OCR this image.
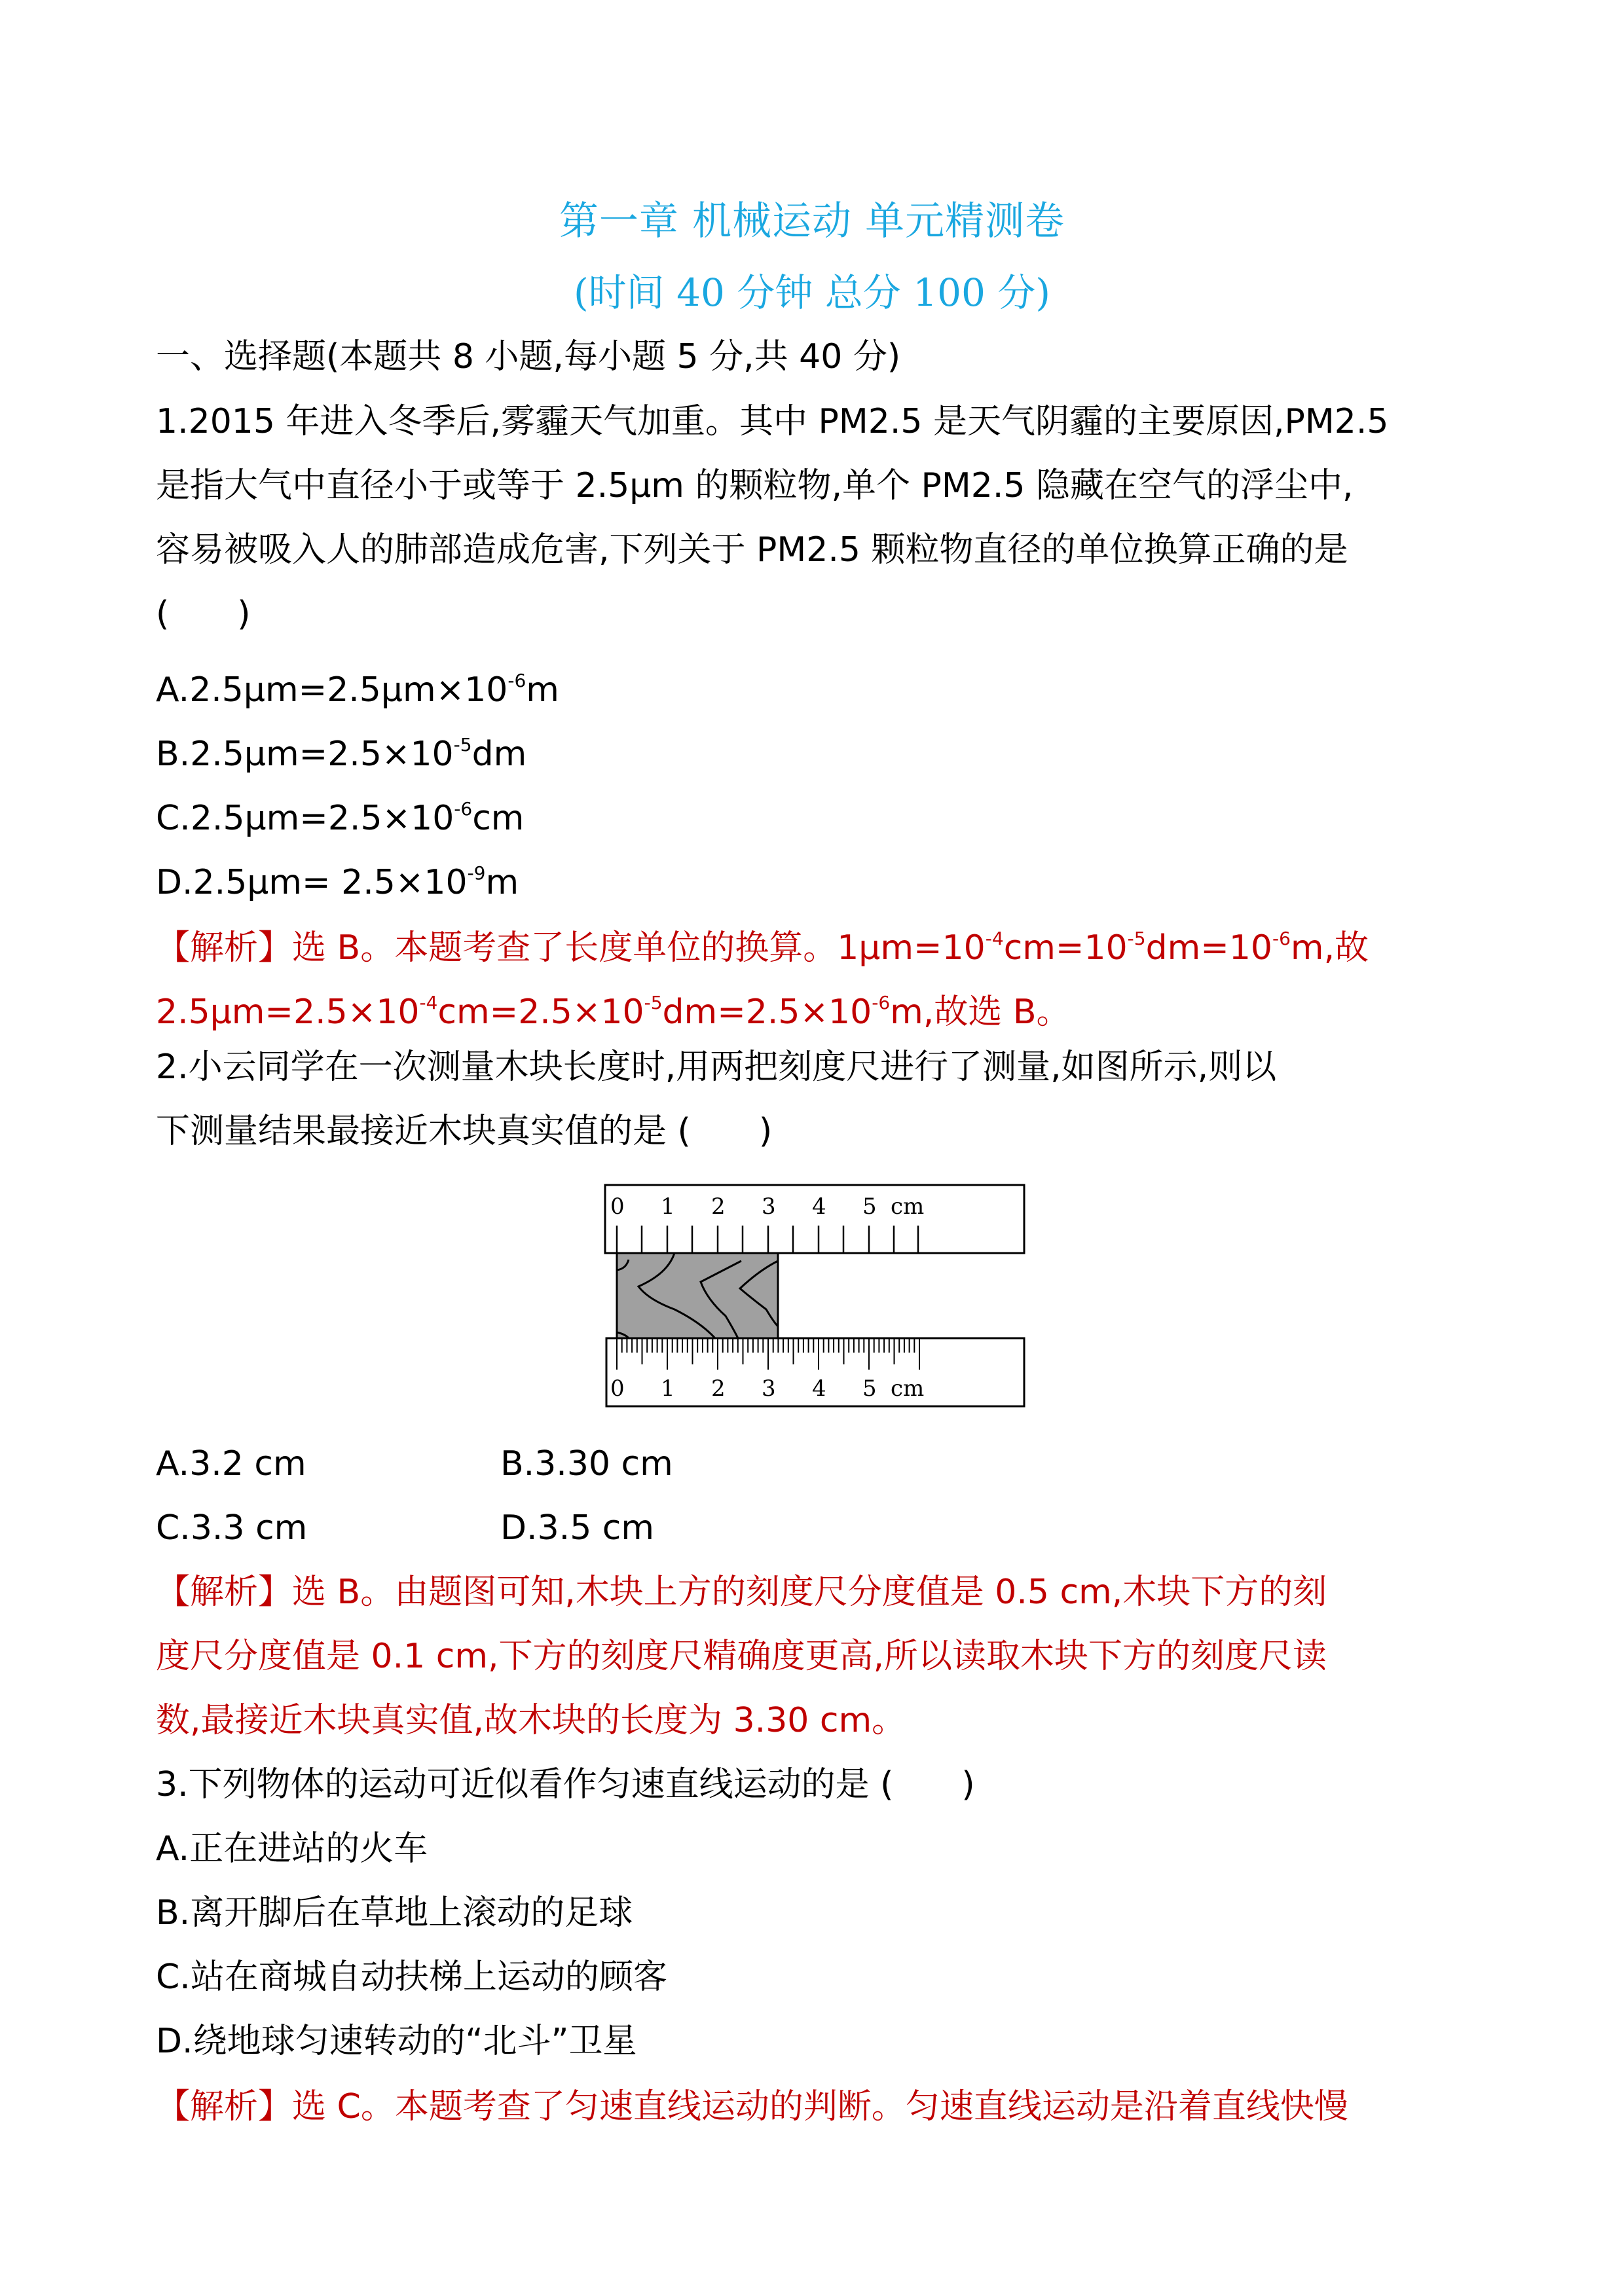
第一章 机械运动 单元精测卷
(时间 40 分钟 总分 100 分)
一、选择题(本题共 8 小题,每小题 5 分,共 40 分)
1.2015 年进入冬季后,雾霾天气加重。其中 PM2.5 是天气阴霾的主要原因,PM2.5
是指大气中直径小于或等于 2.5μm 的颗粒物,单个 PM2.5 隐藏在空气的浮尘中,
容易被吸入人的肺部造成危害,下列关于 PM2.5 颗粒物直径的单位换算正确的是
(　　)
$A.2.5\mu m=2.5\mu m\times 10^{-6}m$
$B.2.5\mu m=2.5\times 10^{-5}dm$
$C.2.5\mu m=2.5\times 10^{-6}cm$
$D.2.5\mu m= 2.5\times 10^{-9}m$
【解析】选 B。本题考查了长度单位的换算。$1\mu m=10^{-4}cm=10^{-5}dm=10^{-6}m$,故
$2.5\mu m=2.5\times 10^{-4}cm=2.5\times 10^{-5}dm=2.5\times 10^{-6}m$,故选 B。
2.小云同学在一次测量木块长度时,用两把刻度尺进行了测量,如图所示,则以
下测量结果最接近木块真实值的是 (　　)
0 1 2 3 4 5 cm
0 1 2 3 4 5 cm
A.3.2 cm	B.3.30 cm
C.3.3 cm	D.3.5 cm
【解析】选 B。由题图可知,木块上方的刻度尺分度值是 0.5 cm,木块下方的刻
度尺分度值是 0.1 cm,下方的刻度尺精确度更高,所以读取木块下方的刻度尺读
数,最接近木块真实值,故木块的长度为 3.30 cm。
3.下列物体的运动可近似看作匀速直线运动的是 (　　)
A.正在进站的火车
B.离开脚后在草地上滚动的足球
C.站在商城自动扶梯上运动的顾客
D.绕地球匀速转动的“北斗”卫星
【解析】选 C。本题考查了匀速直线运动的判断。匀速直线运动是沿着直线快慢
